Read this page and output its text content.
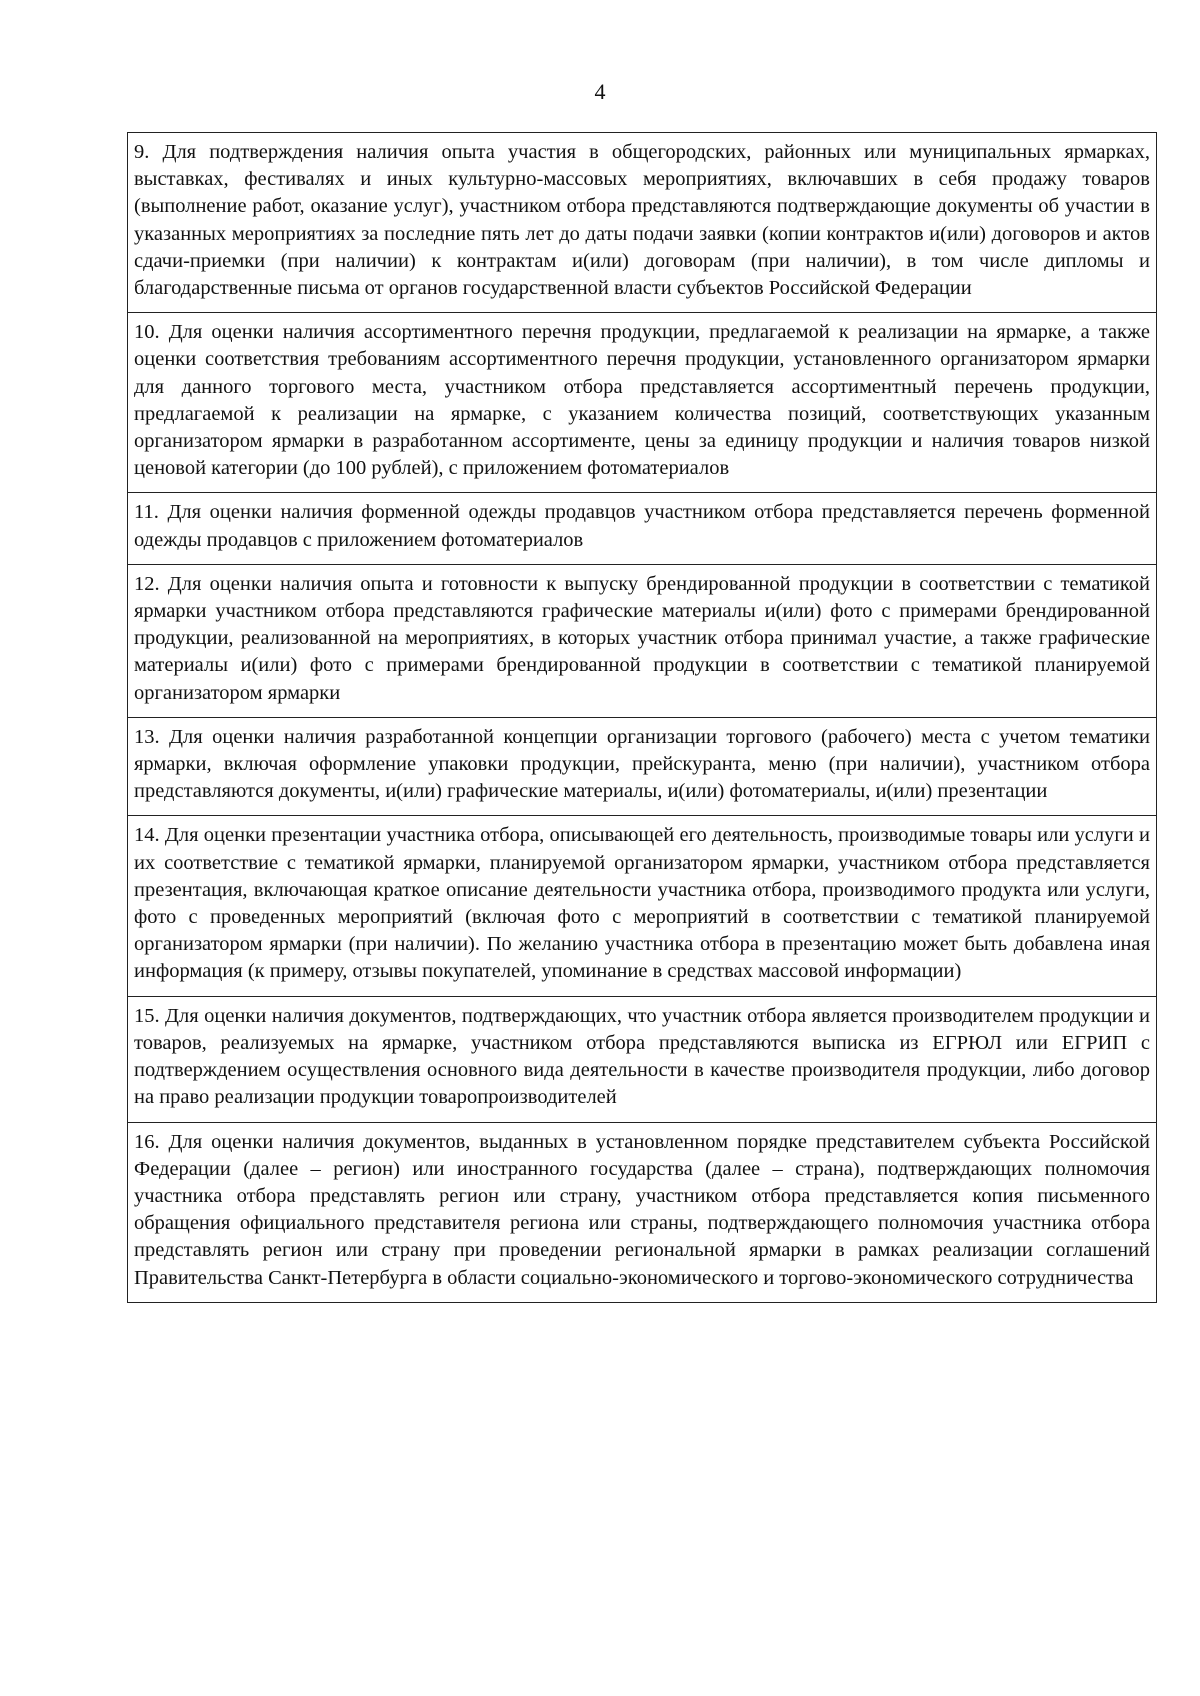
4
9. Для подтверждения наличия опыта участия в общегородских, районных или муниципальных ярмарках, выставках, фестивалях и иных культурно-массовых мероприятиях, включавших в себя продажу товаров (выполнение работ, оказание услуг), участником отбора представляются подтверждающие документы об участии в указанных мероприятиях за последние пять лет до даты подачи заявки (копии контрактов и(или) договоров и актов сдачи-приемки (при наличии) к контрактам и(или) договорам (при наличии), в том числе дипломы и благодарственные письма от органов государственной власти субъектов Российской Федерации
10. Для оценки наличия ассортиментного перечня продукции, предлагаемой к реализации на ярмарке, а также оценки соответствия требованиям ассортиментного перечня продукции, установленного организатором ярмарки для данного торгового места, участником отбора представляется ассортиментный перечень продукции, предлагаемой к реализации на ярмарке, с указанием количества позиций, соответствующих указанным организатором ярмарки в разработанном ассортименте, цены за единицу продукции и наличия товаров низкой ценовой категории (до 100 рублей), с приложением фотоматериалов
11. Для оценки наличия форменной одежды продавцов участником отбора представляется перечень форменной одежды продавцов с приложением фотоматериалов
12. Для оценки наличия опыта и готовности к выпуску брендированной продукции в соответствии с тематикой ярмарки участником отбора представляются графические материалы и(или) фото с примерами брендированной продукции, реализованной на мероприятиях, в которых участник отбора принимал участие, а также графические материалы и(или) фото с примерами брендированной продукции в соответствии с тематикой планируемой организатором ярмарки
13. Для оценки наличия разработанной концепции организации торгового (рабочего) места с учетом тематики ярмарки, включая оформление упаковки продукции, прейскуранта, меню (при наличии), участником отбора представляются документы, и(или) графические материалы, и(или) фотоматериалы, и(или) презентации
14. Для оценки презентации участника отбора, описывающей его деятельность, производимые товары или услуги и их соответствие с тематикой ярмарки, планируемой организатором ярмарки, участником отбора представляется презентация, включающая краткое описание деятельности участника отбора, производимого продукта или услуги, фото с проведенных мероприятий (включая фото с мероприятий в соответствии с тематикой планируемой организатором ярмарки (при наличии). По желанию участника отбора в презентацию может быть добавлена иная информация (к примеру, отзывы покупателей, упоминание в средствах массовой информации)
15. Для оценки наличия документов, подтверждающих, что участник отбора является производителем продукции и товаров, реализуемых на ярмарке, участником отбора представляются выписка из ЕГРЮЛ или ЕГРИП с подтверждением осуществления основного вида деятельности в качестве производителя продукции, либо договор на право реализации продукции товаропроизводителей
16. Для оценки наличия документов, выданных в установленном порядке представителем субъекта Российской Федерации (далее – регион) или иностранного государства (далее – страна), подтверждающих полномочия участника отбора представлять регион или страну, участником отбора представляется копия письменного обращения официального представителя региона или страны, подтверждающего полномочия участника отбора представлять регион или страну при проведении региональной ярмарки в рамках реализации соглашений Правительства Санкт-Петербурга в области социально-экономического и торгово-экономического сотрудничества
